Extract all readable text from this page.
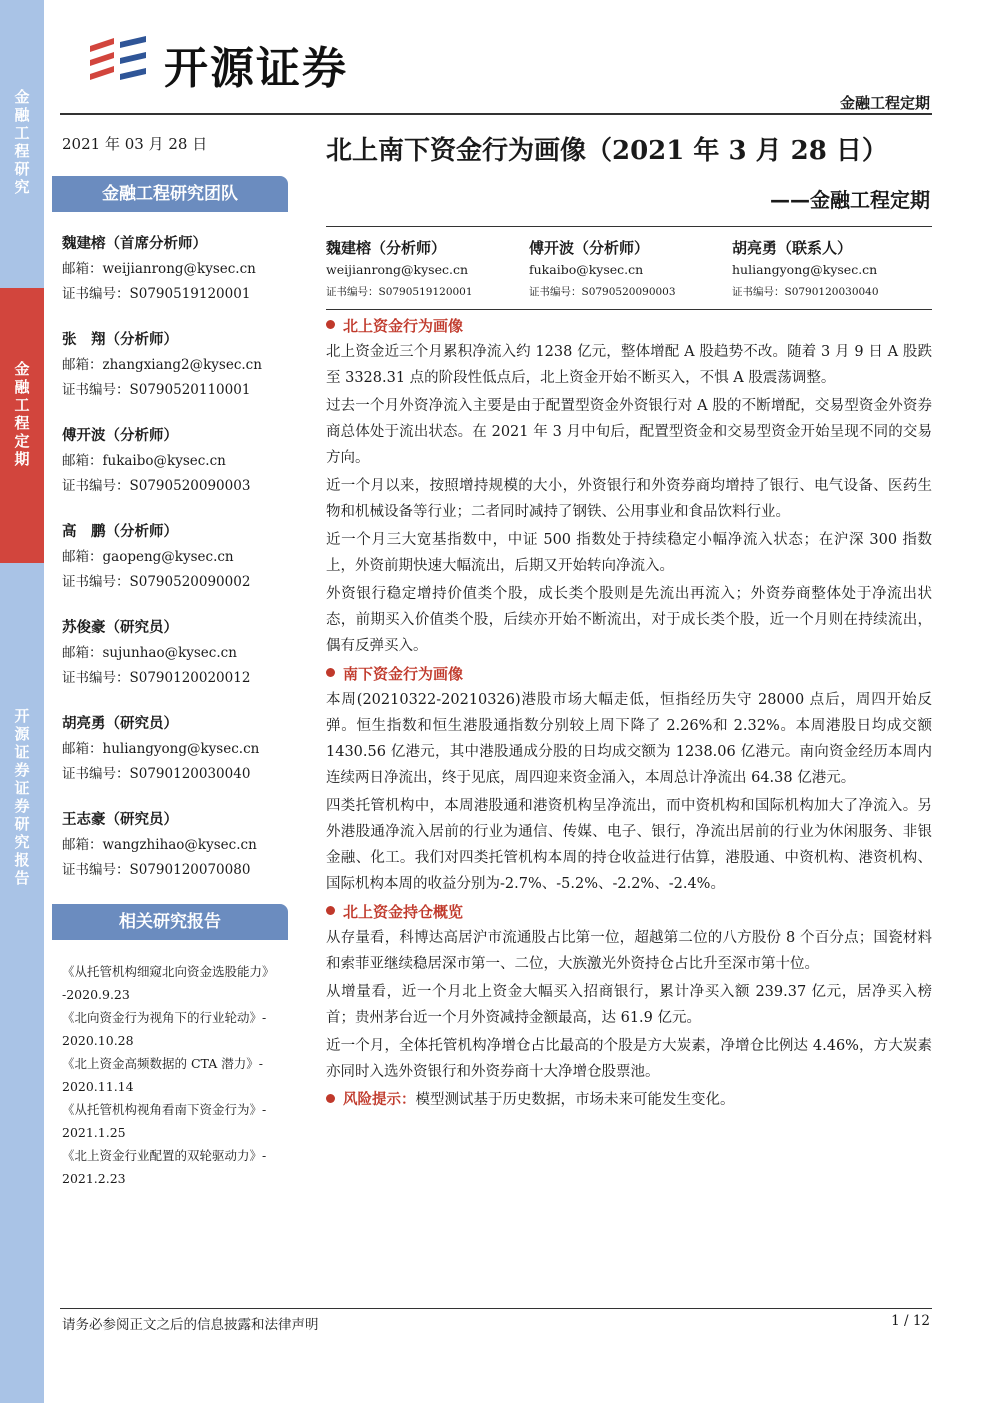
金融工程研究
金融工程定期
开源证券 证券研究报告
开源证券
金融工程定期
2021 年 03 月 28 日	北上南下资金行为画像（2021 年 3 月 28 日）
——金融工程定期
金融工程研究团队
魏建榕（首席分析师）
邮箱：weijianrong@kysec.cn
证书编号：S0790519120001
张　翔（分析师）
邮箱：zhangxiang2@kysec.cn
证书编号：S0790520110001
傅开波（分析师）
邮箱：fukaibo@kysec.cn
证书编号：S0790520090003
高　鹏（分析师）
邮箱：gaopeng@kysec.cn
证书编号：S0790520090002
苏俊豪（研究员）
邮箱：sujunhao@kysec.cn
证书编号：S0790120020012
胡亮勇（研究员）
邮箱：huliangyong@kysec.cn
证书编号：S0790120030040
王志豪（研究员）
邮箱：wangzhihao@kysec.cn
证书编号：S0790120070080
相关研究报告
《从托管机构细窥北向资金选股能力》
-2020.9.23
《北向资金行为视角下的行业轮动》-
2020.10.28
《北上资金高频数据的 CTA 潜力》-
2020.11.14
《从托管机构视角看南下资金行为》-
2021.1.25
《北上资金行业配置的双轮驱动力》-
2021.2.23
魏建榕（分析师）
weijianrong@kysec.cn
证书编号：S0790519120001
傅开波（分析师）
fukaibo@kysec.cn
证书编号：S0790520090003
胡亮勇（联系人）
huliangyong@kysec.cn
证书编号：S0790120030040
北上资金行为画像

北上资金近三个月累积净流入约 1238 亿元，整体增配 A 股趋势不改。随着 3 月 9 日 A 股跌至 3328.31 点的阶段性低点后，北上资金开始不断买入，不惧 A 股震荡调整。

过去一个月外资净流入主要是由于配置型资金外资银行对 A 股的不断增配，交易型资金外资券商总体处于流出状态。在 2021 年 3 月中旬后，配置型资金和交易型资金开始呈现不同的交易方向。

近一个月以来，按照增持规模的大小，外资银行和外资券商均增持了银行、电气设备、医药生物和机械设备等行业；二者同时减持了钢铁、公用事业和食品饮料行业。

近一个月三大宽基指数中，中证 500 指数处于持续稳定小幅净流入状态；在沪深 300 指数上，外资前期快速大幅流出，后期又开始转向净流入。

外资银行稳定增持价值类个股，成长类个股则是先流出再流入；外资券商整体处于净流出状态，前期买入价值类个股，后续亦开始不断流出，对于成长类个股，近一个月则在持续流出，偶有反弹买入。

南下资金行为画像

本周(20210322-20210326)港股市场大幅走低，恒指经历失守 28000 点后，周四开始反弹。恒生指数和恒生港股通指数分别较上周下降了 2.26%和 2.32%。本周港股日均成交额 1430.56 亿港元，其中港股通成分股的日均成交额为 1238.06 亿港元。南向资金经历本周内连续两日净流出，终于见底，周四迎来资金涌入，本周总计净流出 64.38 亿港元。

四类托管机构中，本周港股通和港资机构呈净流出，而中资机构和国际机构加大了净流入。另外港股通净流入居前的行业为通信、传媒、电子、银行，净流出居前的行业为休闲服务、非银金融、化工。我们对四类托管机构本周的持仓收益进行估算，港股通、中资机构、港资机构、国际机构本周的收益分别为-2.7%、-5.2%、-2.2%、-2.4%。

北上资金持仓概览

从存量看，科博达高居沪市流通股占比第一位，超越第二位的八方股份 8 个百分点；国瓷材料和索菲亚继续稳居深市第一、二位，大族激光外资持仓占比升至深市第十位。

从增量看，近一个月北上资金大幅买入招商银行，累计净买入额 239.37 亿元，居净买入榜首；贵州茅台近一个月外资减持金额最高，达 61.9 亿元。

近一个月，全体托管机构净增仓占比最高的个股是方大炭素，净增仓比例达 4.46%，方大炭素亦同时入选外资银行和外资券商十大净增仓股票池。

风险提示：模型测试基于历史数据，市场未来可能发生变化。

请务必参阅正文之后的信息披露和法律声明	1 / 12
